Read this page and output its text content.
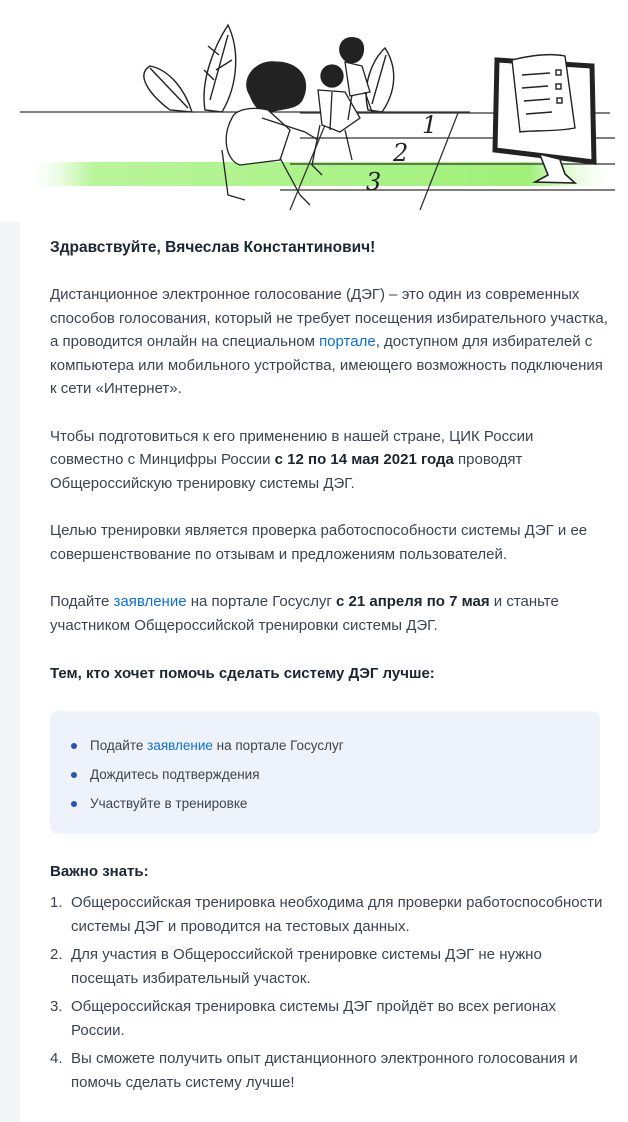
1
2
3
Здравствуйте, Вячеслав Константинович!

Дистанционное электронное голосование (ДЭГ) – это один из современных способов голосования, который не требует посещения избирательного участка, а проводится онлайн на специальном портале, доступном для избирателей с компьютера или мобильного устройства, имеющего возможность подключения к сети «Интернет».

Чтобы подготовиться к его применению в нашей стране, ЦИК России совместно с Минцифры России с 12 по 14 мая 2021 года проводят Общероссийскую тренировку системы ДЭГ.

Целью тренировки является проверка работоспособности системы ДЭГ и ее совершенствование по отзывам и предложениям пользователей.

Подайте заявление на портале Госуслуг с 21 апреля по 7 мая и станьте участником Общероссийской тренировки системы ДЭГ.

Тем, кто хочет помочь сделать систему ДЭГ лучше:
Подайте заявление на портале Госуслуг
Дождитесь подтверждения
Участвуйте в тренировке
Важно знать:
1. Общероссийская тренировка необходима для проверки работоспособности системы ДЭГ и проводится на тестовых данных.
2. Для участия в Общероссийской тренировке системы ДЭГ не нужно посещать избирательный участок.
3. Общероссийская тренировка системы ДЭГ пройдёт во всех регионах России.
4. Вы сможете получить опыт дистанционного электронного голосования и помочь сделать систему лучше!
